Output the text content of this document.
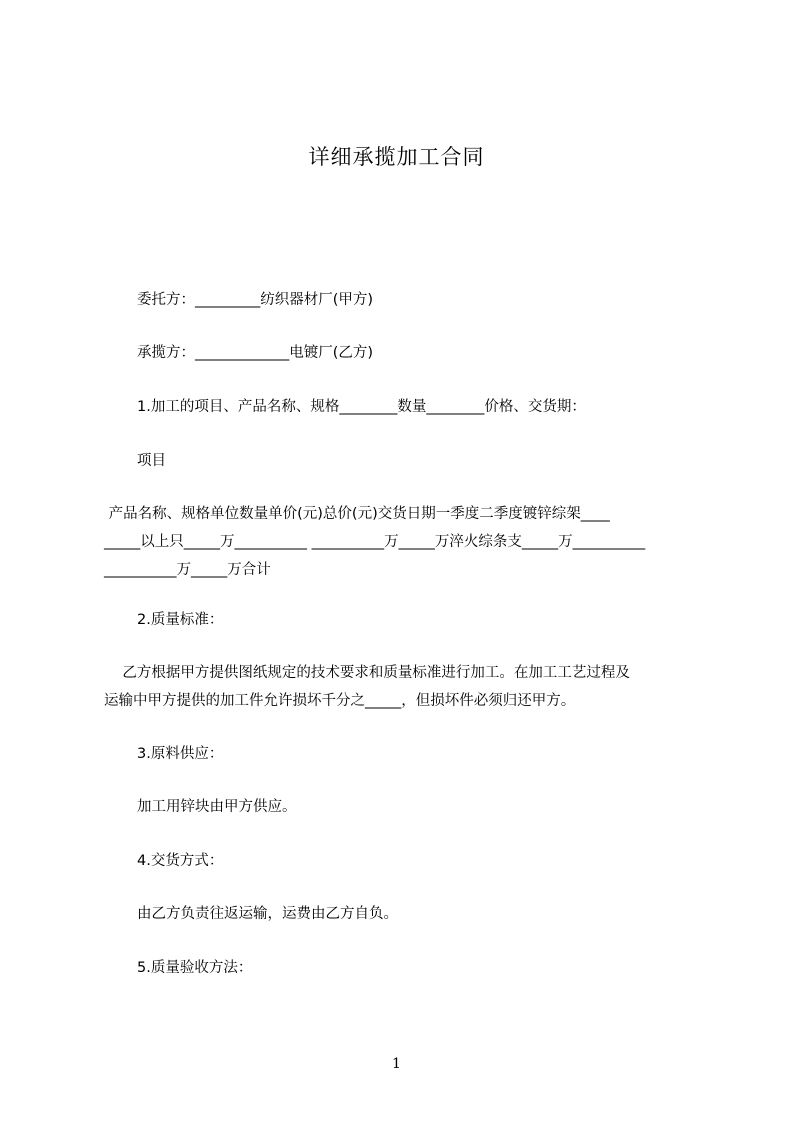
详细承揽加工合同
委托方：_________纺织器材厂(甲方)
承揽方：_____________电镀厂(乙方)
1.加工的项目、产品名称、规格________数量________价格、交货期：
项目
产品名称、规格单位数量单价(元)总价(元)交货日期一季度二季度镀锌综架____
_____以上只_____万__________ __________万_____万淬火综条支_____万__________
__________万_____万合计
2.质量标准：
乙方根据甲方提供图纸规定的技术要求和质量标准进行加工。在加工工艺过程及
运输中甲方提供的加工件允许损坏千分之_____，但损坏件必须归还甲方。
3.原料供应：
加工用锌块由甲方供应。
4.交货方式：
由乙方负责往返运输，运费由乙方自负。
5.质量验收方法：
1
